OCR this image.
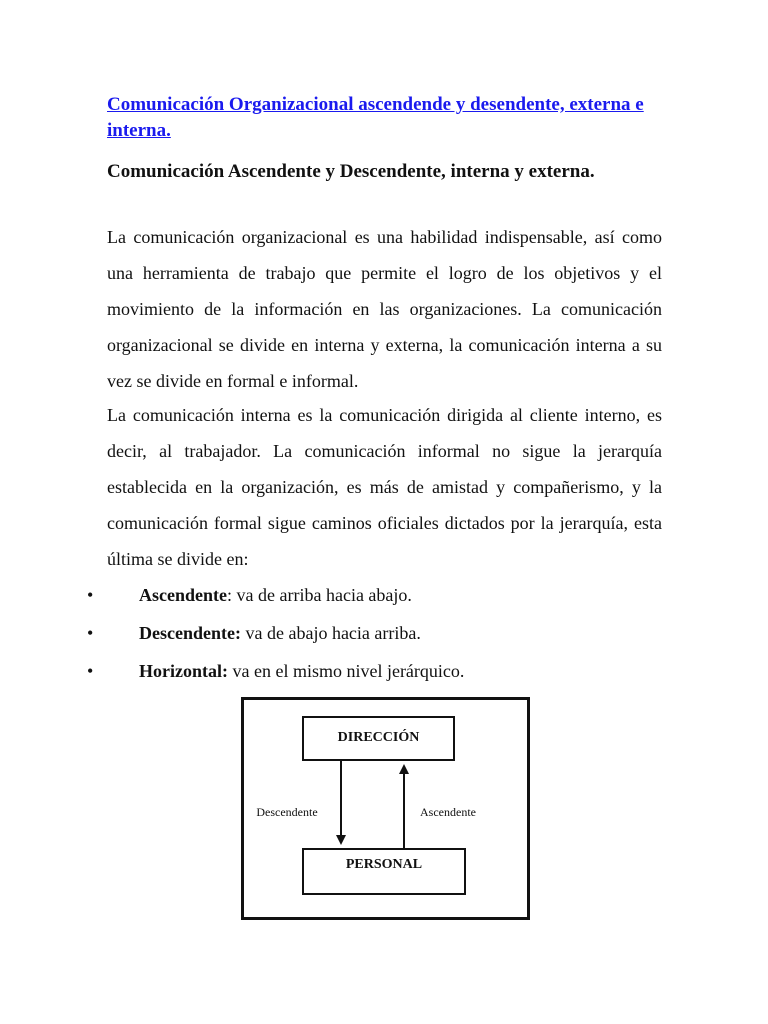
Comunicación Organizacional ascendende y desendente, externa e interna.
Comunicación Ascendente y Descendente, interna y externa.

La comunicación organizacional es una habilidad indispensable, así como una herramienta de trabajo que permite el logro de los objetivos y el movimiento de la información en las organizaciones. La comunicación organizacional se divide en interna y externa, la comunicación interna a su vez se divide en formal e informal.

La comunicación interna es la comunicación dirigida al cliente interno, es decir, al trabajador. La comunicación informal no sigue la jerarquía establecida en la organización, es más de amistad y compañerismo, y la comunicación formal sigue caminos oficiales dictados por la jerarquía, esta última se divide en:

•	Ascendente: va de arriba hacia abajo.
•	Descendente: va de abajo hacia arriba.
•	Horizontal: va en el mismo nivel jerárquico.
DIRECCIÓN
PERSONAL
Descendente	Ascendente
